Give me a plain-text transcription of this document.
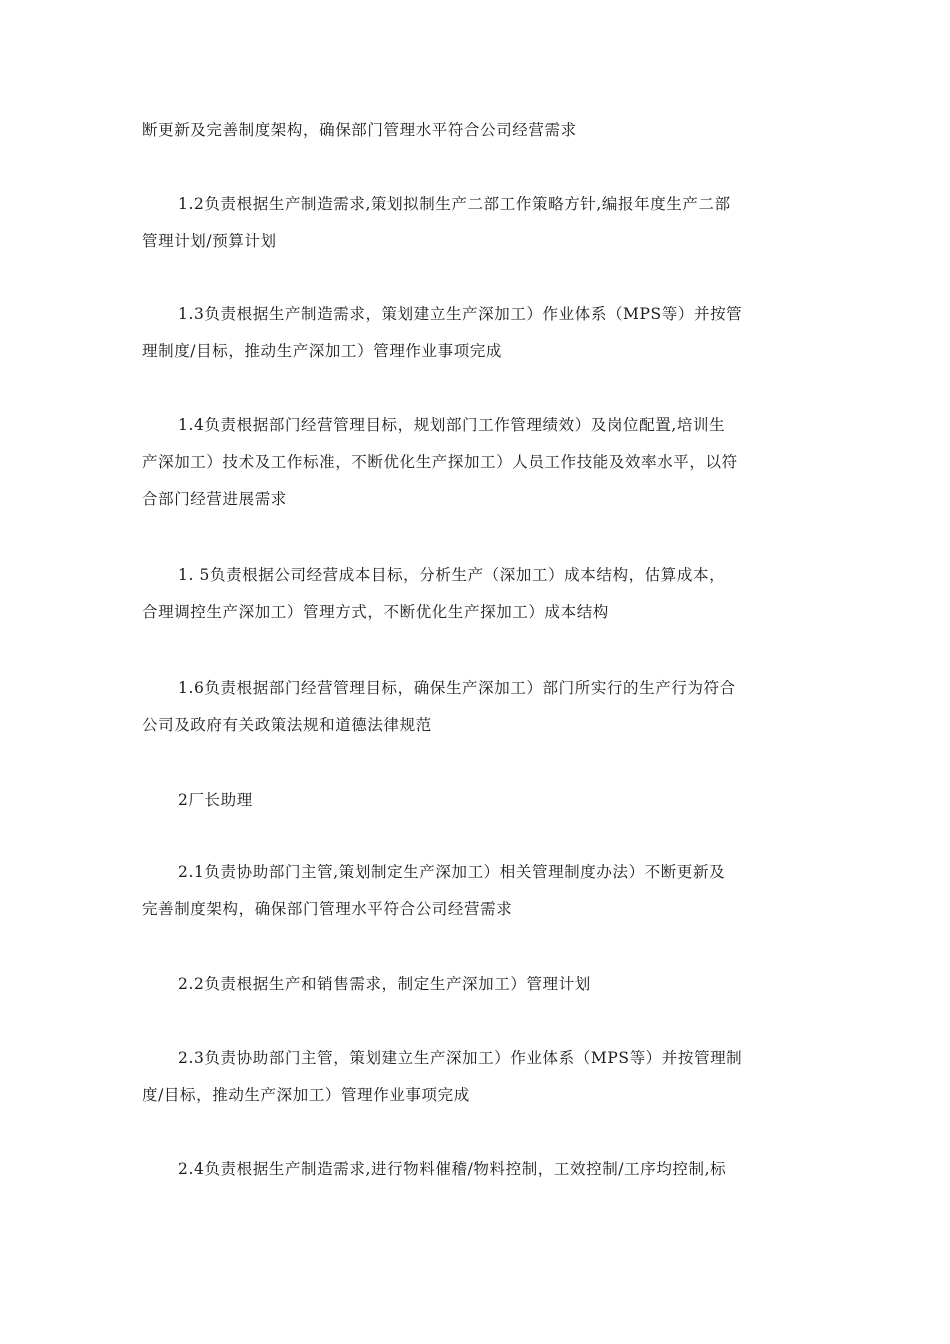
断更新及完善制度架构，确保部门管理水平符合公司经营需求

1.2负责根据生产制造需求,策划拟制生产二部工作策略方针,编报年度生产二部
管理计划/预算计划

1.3负责根据生产制造需求，策划建立生产深加工）作业体系（MPS等）并按管
理制度/目标，推动生产深加工）管理作业事项完成

1.4负责根据部门经营管理目标，规划部门工作管理绩效）及岗位配置,培训生
产深加工）技术及工作标准，不断优化生产探加工）人员工作技能及效率水平，以符
合部门经营进展需求

1. 5负责根据公司经营成本目标，分析生产（深加工）成本结构，估算成本，
合理调控生产深加工）管理方式，不断优化生产探加工）成本结构

1.6负责根据部门经营管理目标，确保生产深加工）部门所实行的生产行为符合
公司及政府有关政策法规和道德法律规范

2厂长助理

2.1负责协助部门主管,策划制定生产深加工）相关管理制度办法）不断更新及
完善制度架构，确保部门管理水平符合公司经营需求

2.2负责根据生产和销售需求，制定生产深加工）管理计划

2.3负责协助部门主管，策划建立生产深加工）作业体系（MPS等）并按管理制
度/目标，推动生产深加工）管理作业事项完成

2.4负责根据生产制造需求,进行物料催稽/物料控制，工效控制/工序均控制,标
